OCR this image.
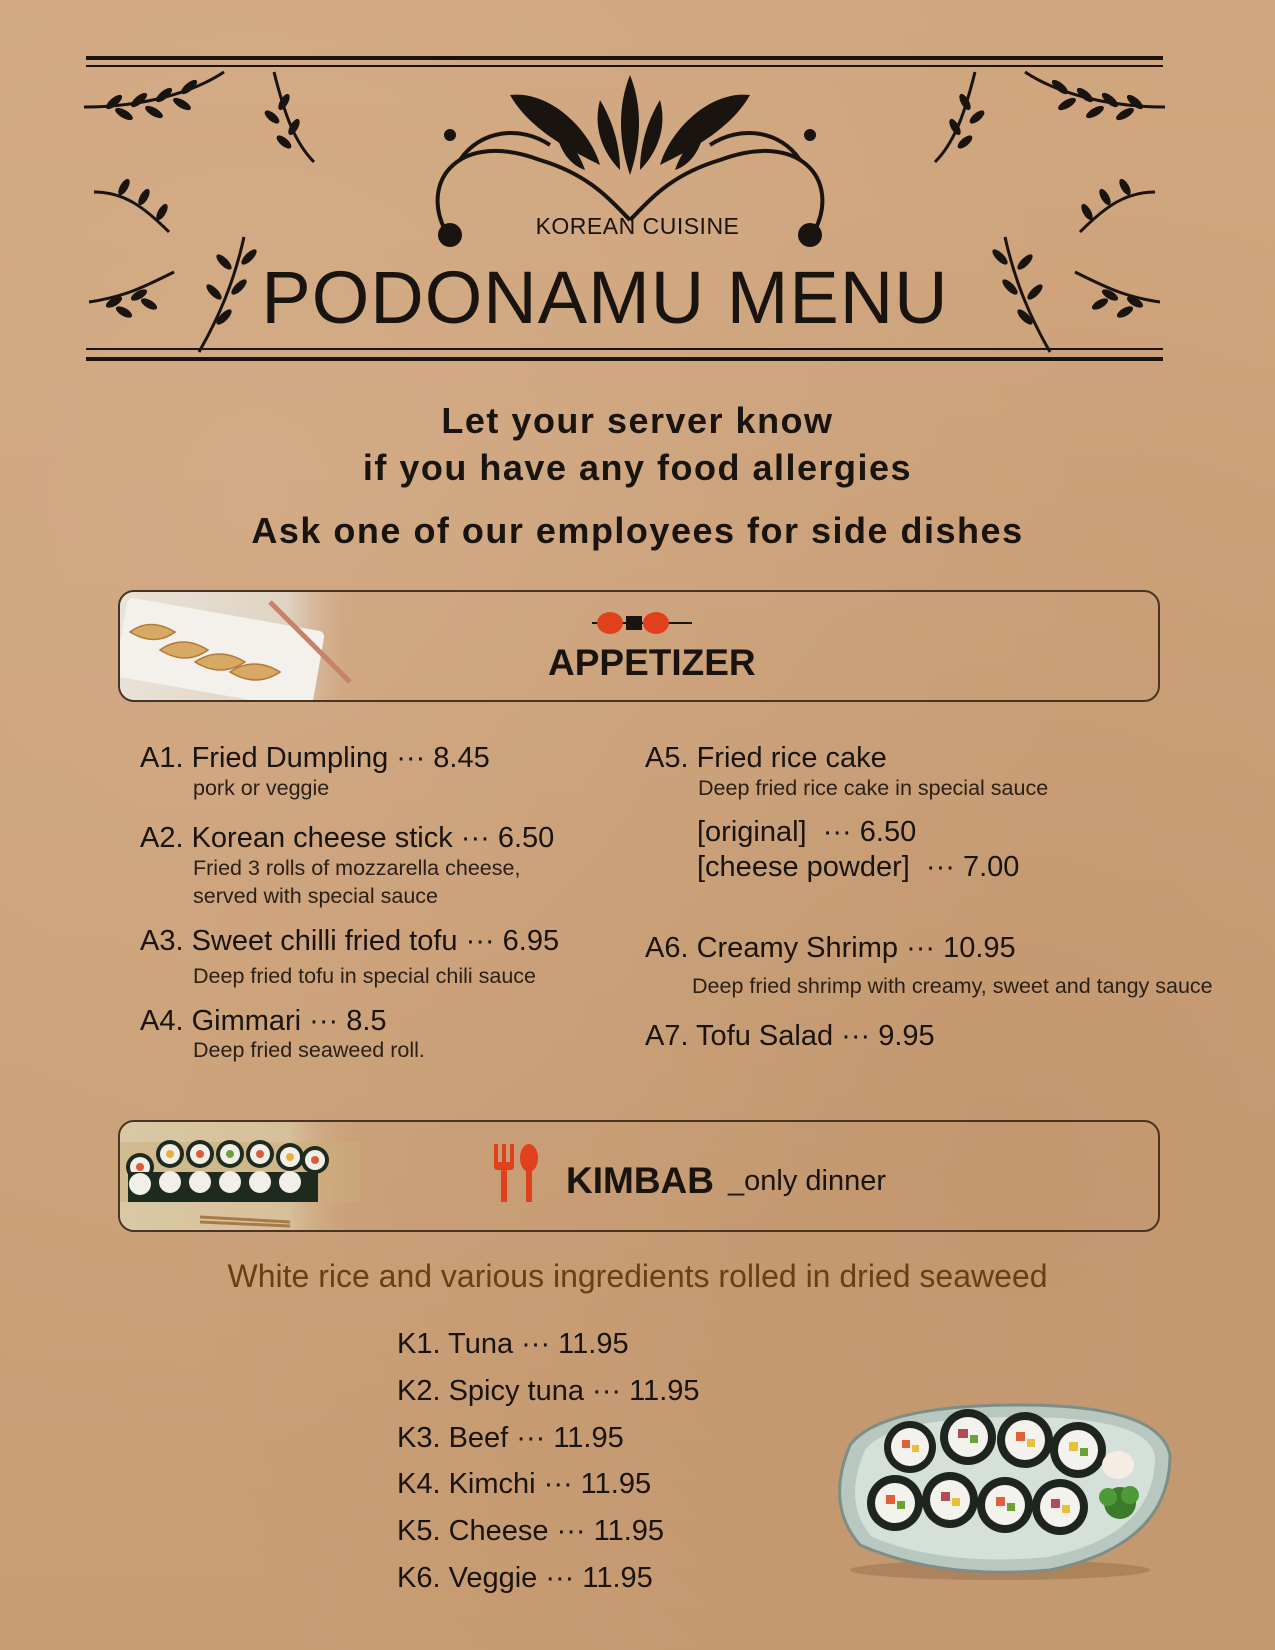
KOREAN CUISINE
PODONAMU MENU
Let your server know
if you have any food allergies
Ask one of our employees for side dishes
APPETIZER
A1. Fried Dumpling ··· 8.45
pork or veggie
A2. Korean cheese stick ··· 6.50
Fried 3 rolls of mozzarella cheese,
served with special sauce
A3. Sweet chilli fried tofu ··· 6.95
Deep fried tofu in special chili sauce
A4. Gimmari ··· 8.5
Deep fried seaweed roll.
A5. Fried rice cake
Deep fried rice cake in special sauce
[original]  ··· 6.50
[cheese powder]  ··· 7.00
A6. Creamy Shrimp ··· 10.95
Deep fried shrimp with creamy, sweet and tangy sauce
A7. Tofu Salad ··· 9.95
KIMBAB _only dinner
White rice and various ingredients rolled in dried seaweed
K1. Tuna ··· 11.95
K2. Spicy tuna ··· 11.95
K3. Beef ··· 11.95
K4. Kimchi ··· 11.95
K5. Cheese ··· 11.95
K6. Veggie ··· 11.95
